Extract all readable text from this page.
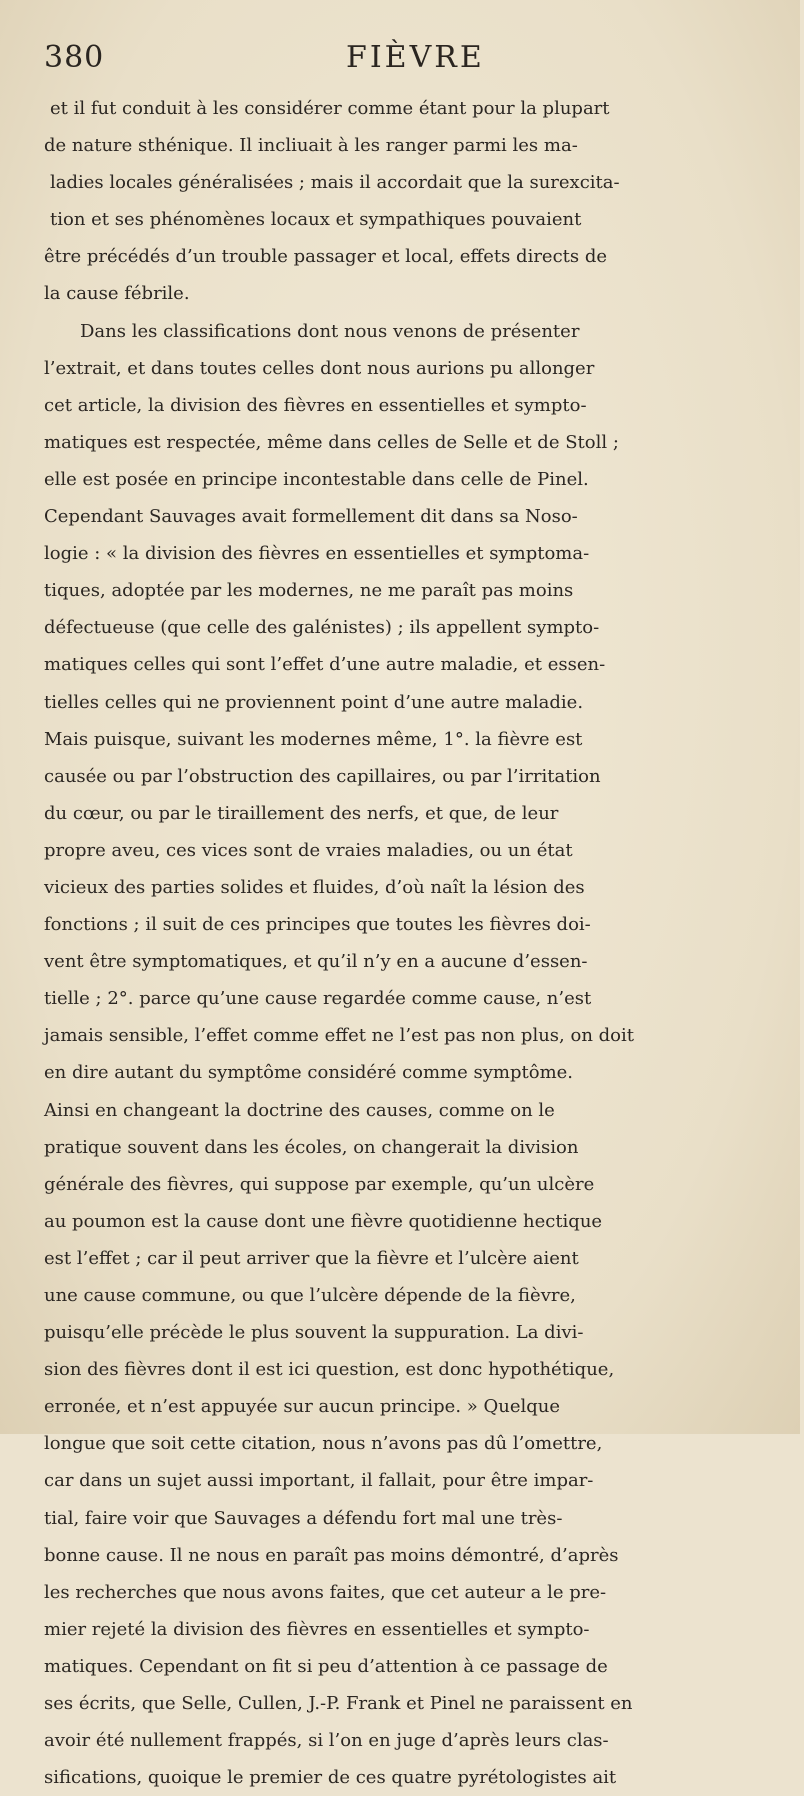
380	FIÈVRE
et il fut conduit à les considérer comme étant pour la plupart
de nature sthénique. Il incliuait à les ranger parmi les ma-
ladies locales généralisées ; mais il accordait que la surexcita-
tion et ses phénomènes locaux et sympathiques pouvaient
être précédés d’un trouble passager et local, effets directs de
la cause fébrile.
Dans les classifications dont nous venons de présenter
l’extrait, et dans toutes celles dont nous aurions pu allonger
cet article, la division des fièvres en essentielles et sympto-
matiques est respectée, même dans celles de Selle et de Stoll ;
elle est posée en principe incontestable dans celle de Pinel.
Cependant Sauvages avait formellement dit dans sa Noso-
logie : « la division des fièvres en essentielles et symptoma-
tiques, adoptée par les modernes, ne me paraît pas moins
défectueuse (que celle des galénistes) ; ils appellent sympto-
matiques celles qui sont l’effet d’une autre maladie, et essen-
tielles celles qui ne proviennent point d’une autre maladie.
Mais puisque, suivant les modernes même, 1°. la fièvre est
causée ou par l’obstruction des capillaires, ou par l’irritation
du cœur, ou par le tiraillement des nerfs, et que, de leur
propre aveu, ces vices sont de vraies maladies, ou un état
vicieux des parties solides et fluides, d’où naît la lésion des
fonctions ; il suit de ces principes que toutes les fièvres doi-
vent être symptomatiques, et qu’il n’y en a aucune d’essen-
tielle ; 2°. parce qu’une cause regardée comme cause, n’est
jamais sensible, l’effet comme effet ne l’est pas non plus, on doit
en dire autant du symptôme considéré comme symptôme.
Ainsi en changeant la doctrine des causes, comme on le
pratique souvent dans les écoles, on changerait la division
générale des fièvres, qui suppose par exemple, qu’un ulcère
au poumon est la cause dont une fièvre quotidienne hectique
est l’effet ; car il peut arriver que la fièvre et l’ulcère aient
une cause commune, ou que l’ulcère dépende de la fièvre,
puisqu’elle précède le plus souvent la suppuration. La divi-
sion des fièvres dont il est ici question, est donc hypothétique,
erronée, et n’est appuyée sur aucun principe. » Quelque
longue que soit cette citation, nous n’avons pas dû l’omettre,
car dans un sujet aussi important, il fallait, pour être impar-
tial, faire voir que Sauvages a défendu fort mal une très-
bonne cause. Il ne nous en paraît pas moins démontré, d’après
les recherches que nous avons faites, que cet auteur a le pre-
mier rejeté la division des fièvres en essentielles et sympto-
matiques. Cependant on fit si peu d’attention à ce passage de
ses écrits, que Selle, Cullen, J.-P. Frank et Pinel ne paraissent en
avoir été nullement frappés, si l’on en juge d’après leurs clas-
sifications, quoique le premier de ces quatre pyrétologistes ait
